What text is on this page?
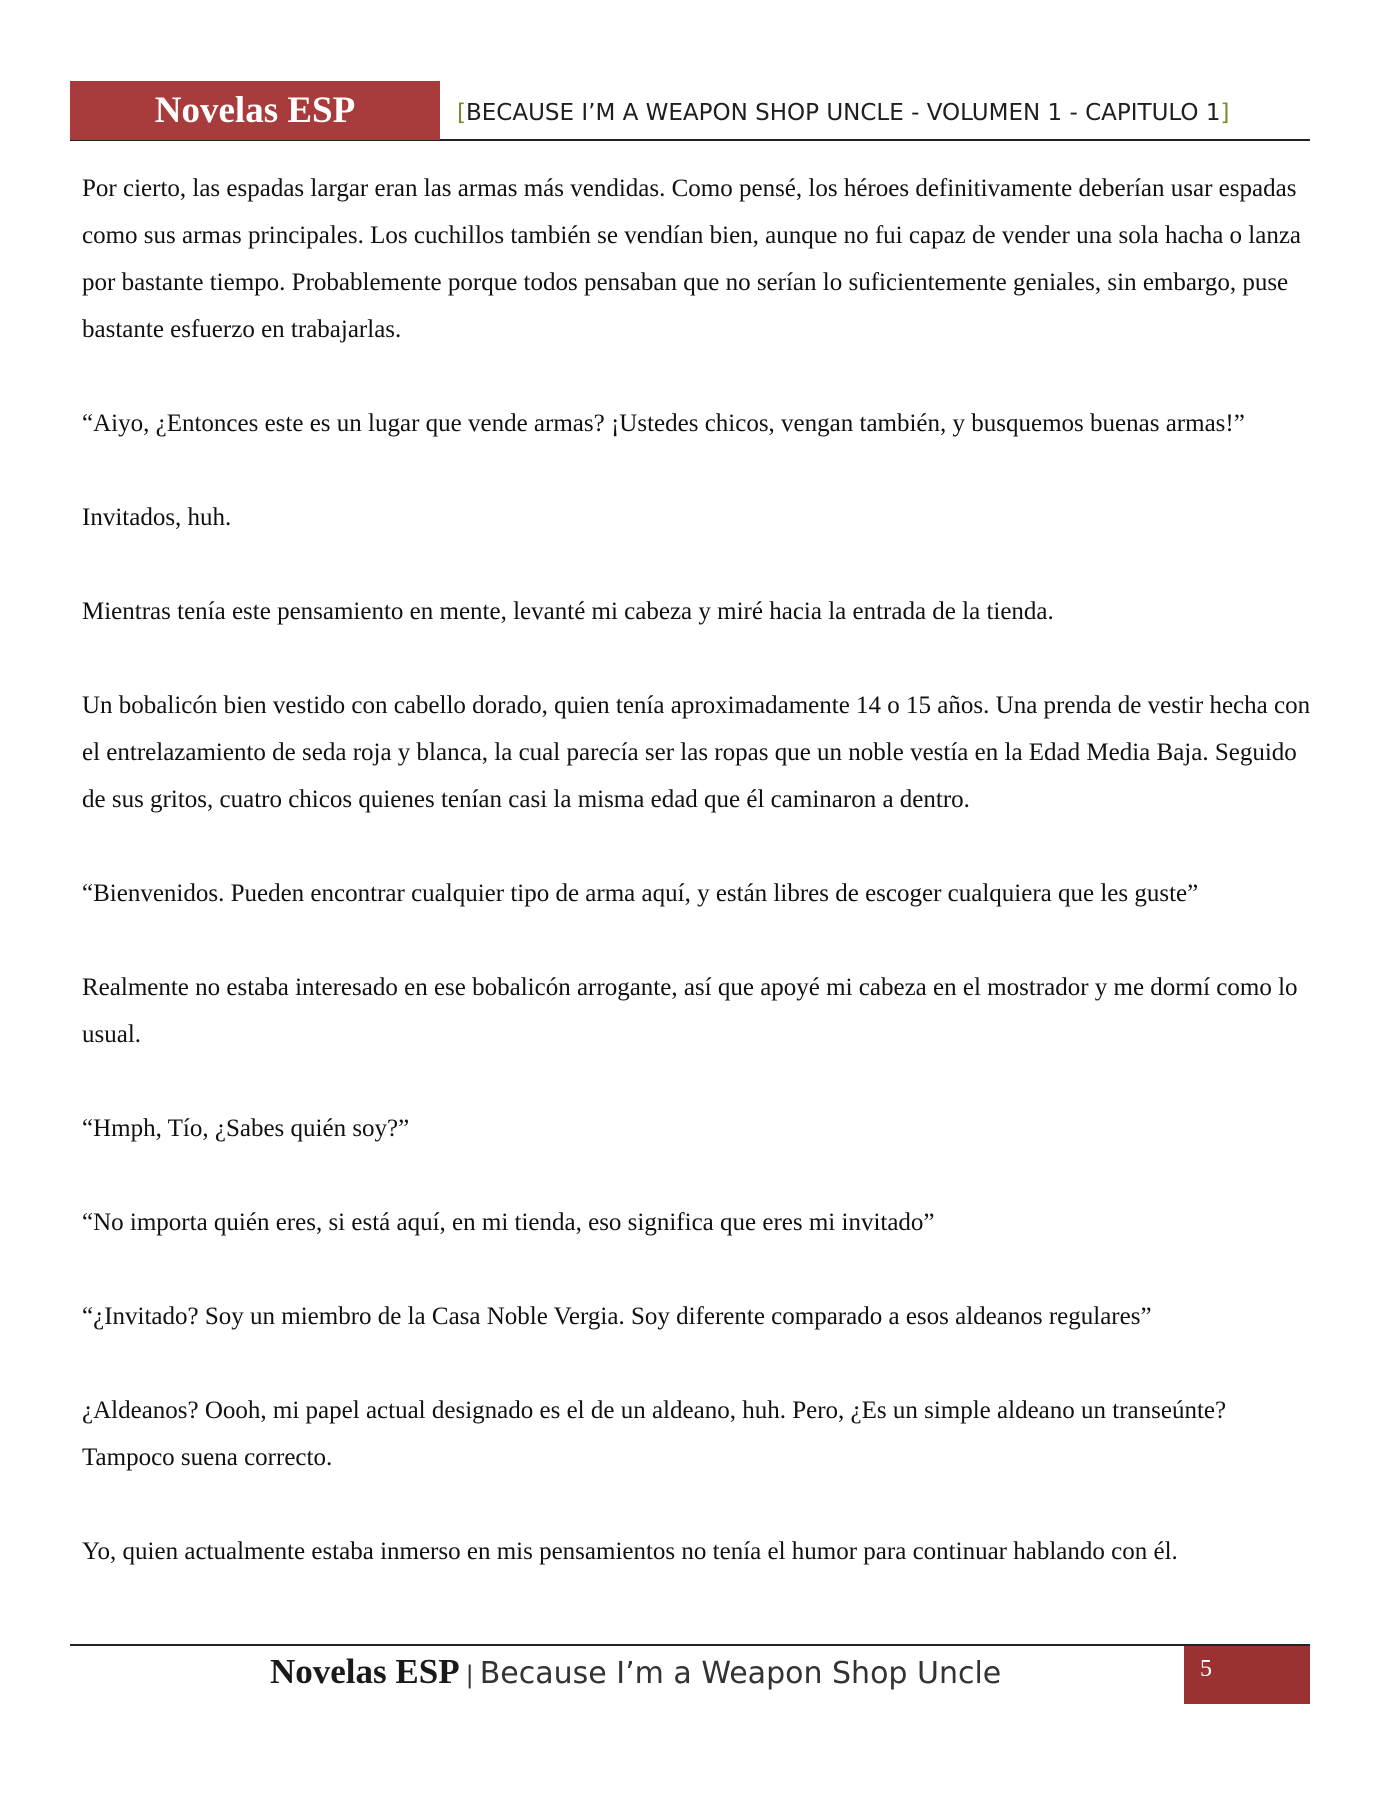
Novelas ESP	[BECAUSE I’M A WEAPON SHOP UNCLE - VOLUMEN 1 - CAPITULO 1]

Por cierto, las espadas largar eran las armas más vendidas. Como pensé, los héroes definitivamente deberían usar espadas como sus armas principales. Los cuchillos también se vendían bien, aunque no fui capaz de vender una sola hacha o lanza por bastante tiempo. Probablemente porque todos pensaban que no serían lo suficientemente geniales, sin embargo, puse bastante esfuerzo en trabajarlas.

“Aiyo, ¿Entonces este es un lugar que vende armas? ¡Ustedes chicos, vengan también, y busquemos buenas armas!”

Invitados, huh.

Mientras tenía este pensamiento en mente, levanté mi cabeza y miré hacia la entrada de la tienda.

Un bobalicón bien vestido con cabello dorado, quien tenía aproximadamente 14 o 15 años. Una prenda de vestir hecha con el entrelazamiento de seda roja y blanca, la cual parecía ser las ropas que un noble vestía en la Edad Media Baja. Seguido de sus gritos, cuatro chicos quienes tenían casi la misma edad que él caminaron a dentro.

“Bienvenidos. Pueden encontrar cualquier tipo de arma aquí, y están libres de escoger cualquiera que les guste”

Realmente no estaba interesado en ese bobalicón arrogante, así que apoyé mi cabeza en el mostrador y me dormí como lo usual.

“Hmph, Tío, ¿Sabes quién soy?”

“No importa quién eres, si está aquí, en mi tienda, eso significa que eres mi invitado”

“¿Invitado? Soy un miembro de la Casa Noble Vergia. Soy diferente comparado a esos aldeanos regulares”

¿Aldeanos? Oooh, mi papel actual designado es el de un aldeano, huh. Pero, ¿Es un simple aldeano un transeúnte? Tampoco suena correcto.

Yo, quien actualmente estaba inmerso en mis pensamientos no tenía el humor para continuar hablando con él.

Novelas ESP | Because I’m a Weapon Shop Uncle	5
